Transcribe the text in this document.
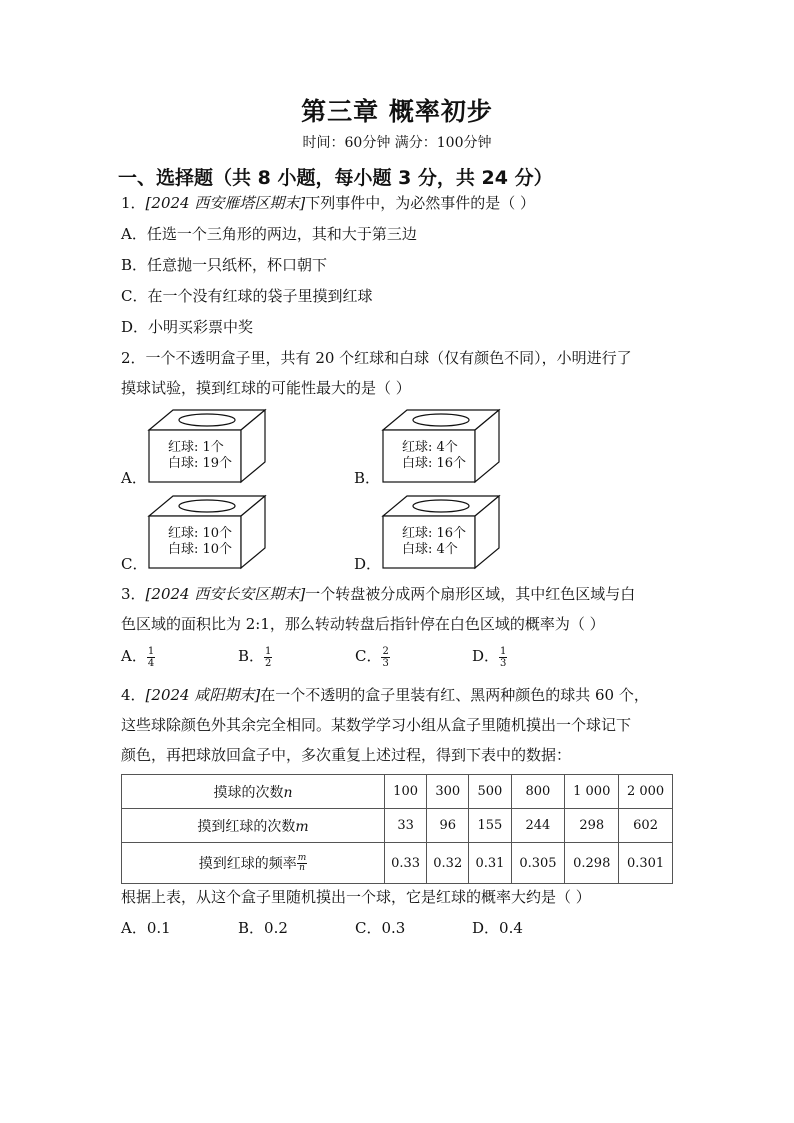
第三章 概率初步
时间：60分钟 满分：100分钟
一、选择题（共 8 小题，每小题 3 分，共 24 分）
1．[2024 西安雁塔区期末]下列事件中，为必然事件的是（ ）
A．任选一个三角形的两边，其和大于第三边
B．任意抛一只纸杯，杯口朝下
C．在一个没有红球的袋子里摸到红球
D．小明买彩票中奖
2．一个不透明盒子里，共有 20 个红球和白球（仅有颜色不同），小明进行了
摸球试验，摸到红球的可能性最大的是（ ）
A．
红球: 1个
白球: 19个
B．
红球: 4个
白球: 16个
C．
红球: 10个
白球: 10个
D．
红球: 16个
白球: 4个
3．[2024 西安长安区期末]一个转盘被分成两个扇形区域，其中红色区域与白
色区域的面积比为 2:1，那么转动转盘后指针停在白色区域的概率为（ ）
A． $\frac{1}{4}$	B． $\frac{1}{2}$	C． $\frac{2}{3}$	D． $\frac{1}{3}$
4．[2024 咸阳期末]在一个不透明的盒子里装有红、黑两种颜色的球共 60 个，
这些球除颜色外其余完全相同。某数学学习小组从盒子里随机摸出一个球记下
颜色，再把球放回盒子中，多次重复上述过程，得到下表中的数据：
摸球的次数n	100	300	500	800	1 000	2 000
摸到红球的次数m	33	96	155	244	298	602
摸到红球的频率 $\frac{m}{n}$	0.33	0.32	0.31	0.305	0.298	0.301
根据上表，从这个盒子里随机摸出一个球，它是红球的概率大约是（ ）
A．0.1	B．0.2	C．0.3	D．0.4
